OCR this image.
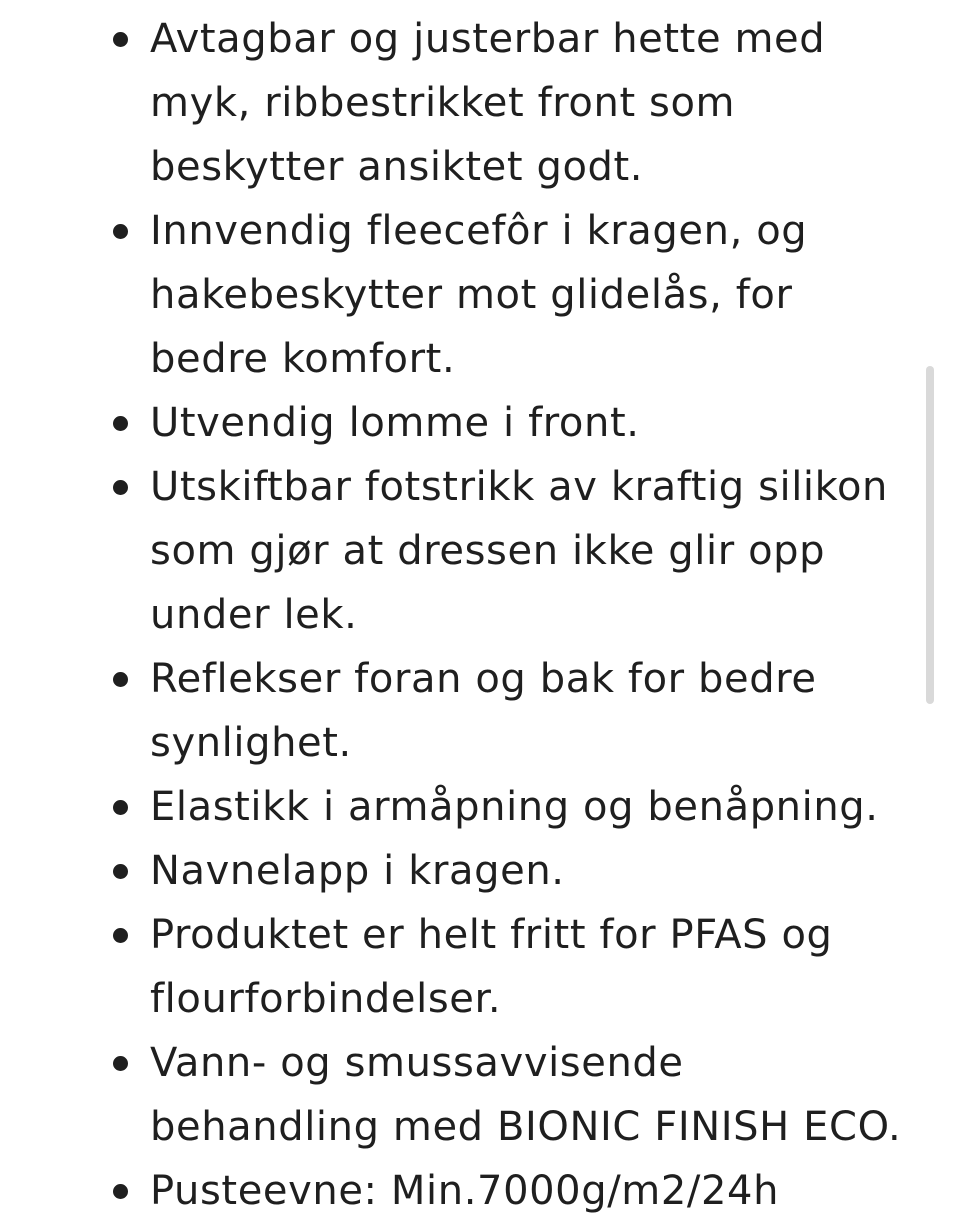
Avtagbar og justerbar hette med
myk, ribbestrikket front som
beskytter ansiktet godt.
Innvendig fleecefôr i kragen, og
hakebeskytter mot glidelås, for
bedre komfort.
Utvendig lomme i front.
Utskiftbar fotstrikk av kraftig silikon
som gjør at dressen ikke glir opp
under lek.
Reflekser foran og bak for bedre
synlighet.
Elastikk i armåpning og benåpning.
Navnelapp i kragen.
Produktet er helt fritt for PFAS og
flourforbindelser.
Vann- og smussavvisende
behandling med BIONIC FINISH ECO.
Pusteevne: Min.7000g/m2/24h
